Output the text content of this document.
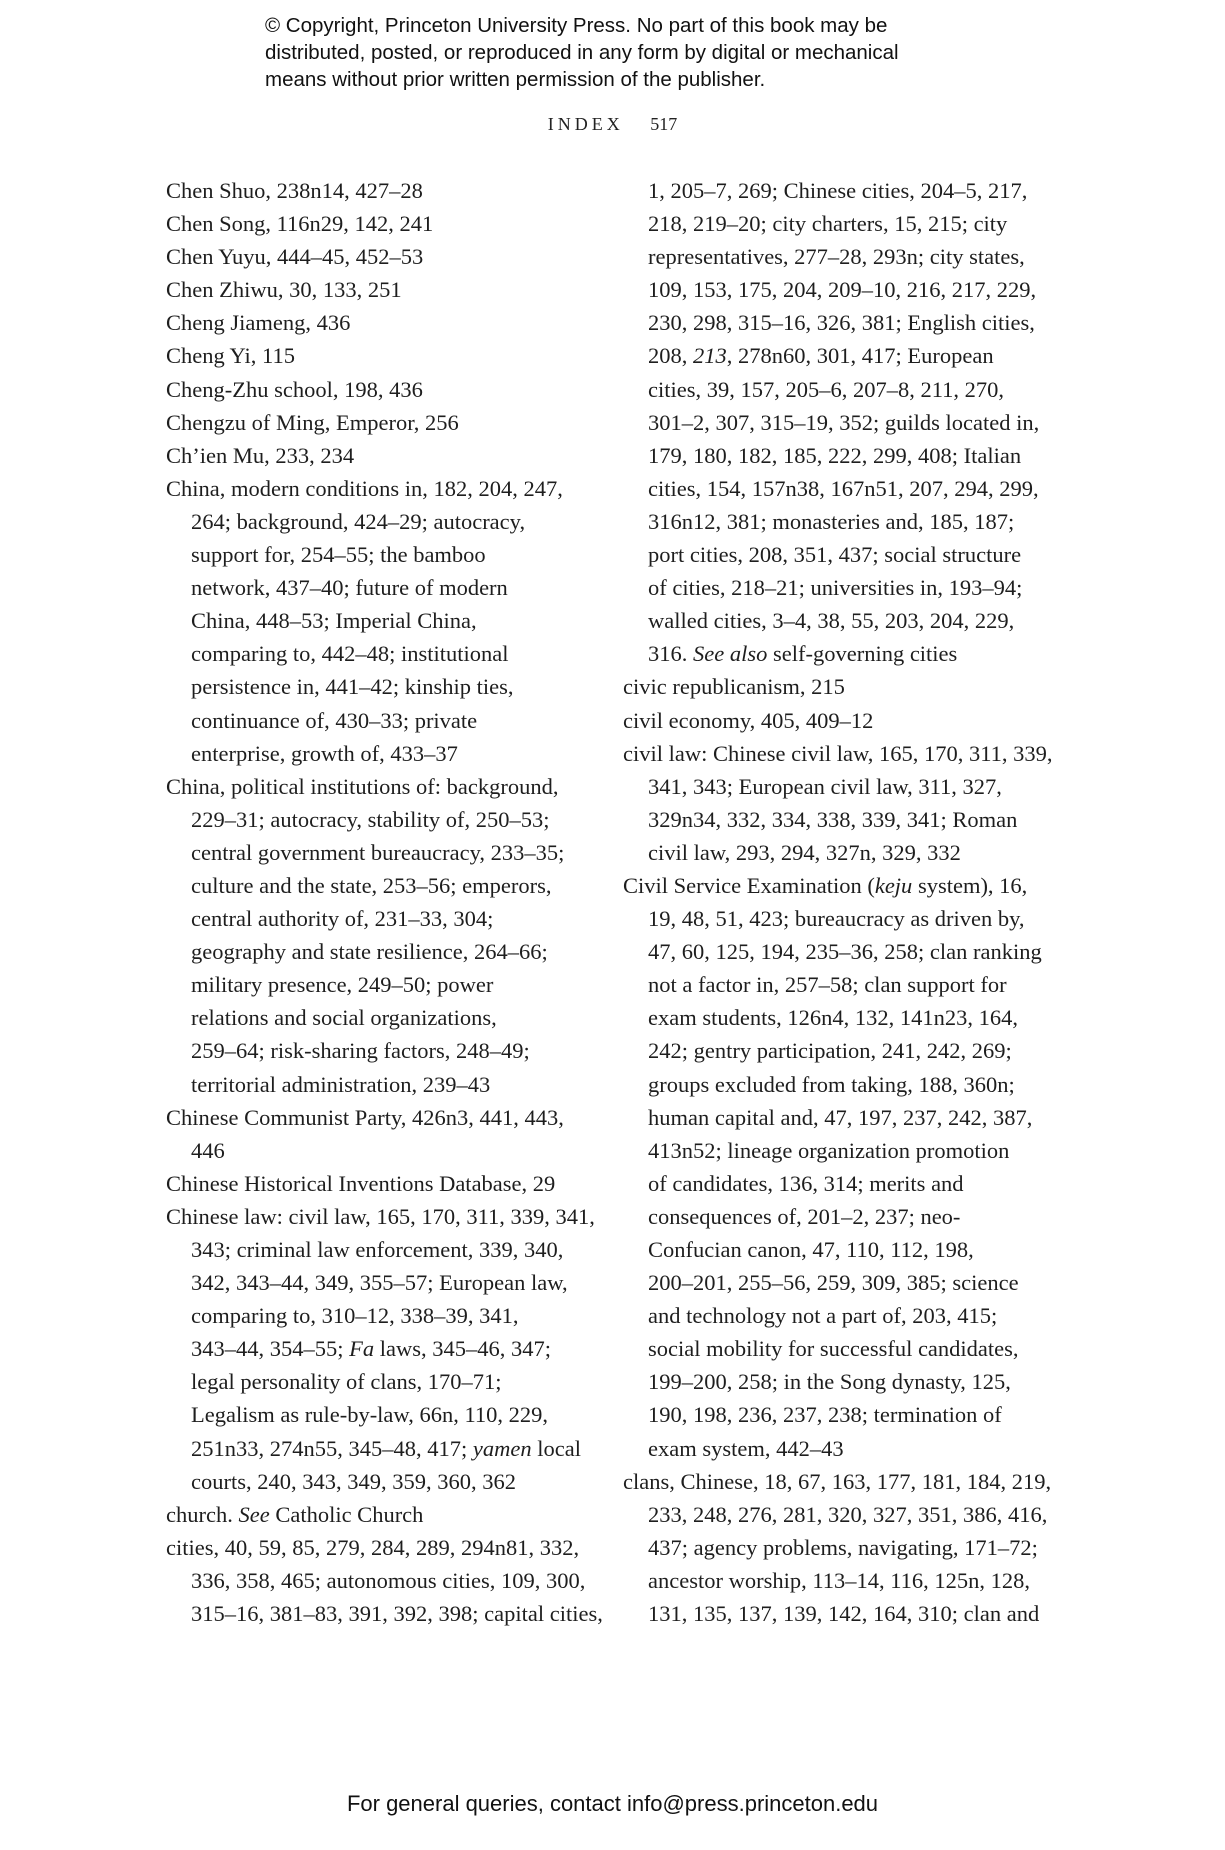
© Copyright, Princeton University Press. No part of this book may be
distributed, posted, or reproduced in any form by digital or mechanical
means without prior written permission of the publisher.
INDEX 517
Chen Shuo, 238n14, 427–28
Chen Song, 116n29, 142, 241
Chen Yuyu, 444–45, 452–53
Chen Zhiwu, 30, 133, 251
Cheng Jiameng, 436
Cheng Yi, 115
Cheng-Zhu school, 198, 436
Chengzu of Ming, Emperor, 256
Ch’ien Mu, 233, 234
China, modern conditions in, 182, 204, 247,
264; background, 424–29; autocracy,
support for, 254–55; the bamboo
network, 437–40; future of modern
China, 448–53; Imperial China,
comparing to, 442–48; institutional
persistence in, 441–42; kinship ties,
continuance of, 430–33; private
enterprise, growth of, 433–37
China, political institutions of: background,
229–31; autocracy, stability of, 250–53;
central government bureaucracy, 233–35;
culture and the state, 253–56; emperors,
central authority of, 231–33, 304;
geography and state resilience, 264–66;
military presence, 249–50; power
relations and social organizations,
259–64; risk-sharing factors, 248–49;
territorial administration, 239–43
Chinese Communist Party, 426n3, 441, 443,
446
Chinese Historical Inventions Database, 29
Chinese law: civil law, 165, 170, 311, 339, 341,
343; criminal law enforcement, 339, 340,
342, 343–44, 349, 355–57; European law,
comparing to, 310–12, 338–39, 341,
343–44, 354–55; Fa laws, 345–46, 347;
legal personality of clans, 170–71;
Legalism as rule-by-law, 66n, 110, 229,
251n33, 274n55, 345–48, 417; yamen local
courts, 240, 343, 349, 359, 360, 362
church. See Catholic Church
cities, 40, 59, 85, 279, 284, 289, 294n81, 332,
336, 358, 465; autonomous cities, 109, 300,
315–16, 381–83, 391, 392, 398; capital cities,
1, 205–7, 269; Chinese cities, 204–5, 217,
218, 219–20; city charters, 15, 215; city
representatives, 277–28, 293n; city states,
109, 153, 175, 204, 209–10, 216, 217, 229,
230, 298, 315–16, 326, 381; English cities,
208, 213, 278n60, 301, 417; European
cities, 39, 157, 205–6, 207–8, 211, 270,
301–2, 307, 315–19, 352; guilds located in,
179, 180, 182, 185, 222, 299, 408; Italian
cities, 154, 157n38, 167n51, 207, 294, 299,
316n12, 381; monasteries and, 185, 187;
port cities, 208, 351, 437; social structure
of cities, 218–21; universities in, 193–94;
walled cities, 3–4, 38, 55, 203, 204, 229,
316. See also self-governing cities
civic republicanism, 215
civil economy, 405, 409–12
civil law: Chinese civil law, 165, 170, 311, 339,
341, 343; European civil law, 311, 327,
329n34, 332, 334, 338, 339, 341; Roman
civil law, 293, 294, 327n, 329, 332
Civil Service Examination (keju system), 16,
19, 48, 51, 423; bureaucracy as driven by,
47, 60, 125, 194, 235–36, 258; clan ranking
not a factor in, 257–58; clan support for
exam students, 126n4, 132, 141n23, 164,
242; gentry participation, 241, 242, 269;
groups excluded from taking, 188, 360n;
human capital and, 47, 197, 237, 242, 387,
413n52; lineage organization promotion
of candidates, 136, 314; merits and
consequences of, 201–2, 237; neo-
Confucian canon, 47, 110, 112, 198,
200–201, 255–56, 259, 309, 385; science
and technology not a part of, 203, 415;
social mobility for successful candidates,
199–200, 258; in the Song dynasty, 125,
190, 198, 236, 237, 238; termination of
exam system, 442–43
clans, Chinese, 18, 67, 163, 177, 181, 184, 219,
233, 248, 276, 281, 320, 327, 351, 386, 416,
437; agency problems, navigating, 171–72;
ancestor worship, 113–14, 116, 125n, 128,
131, 135, 137, 139, 142, 164, 310; clan and
For general queries, contact info@press.princeton.edu
